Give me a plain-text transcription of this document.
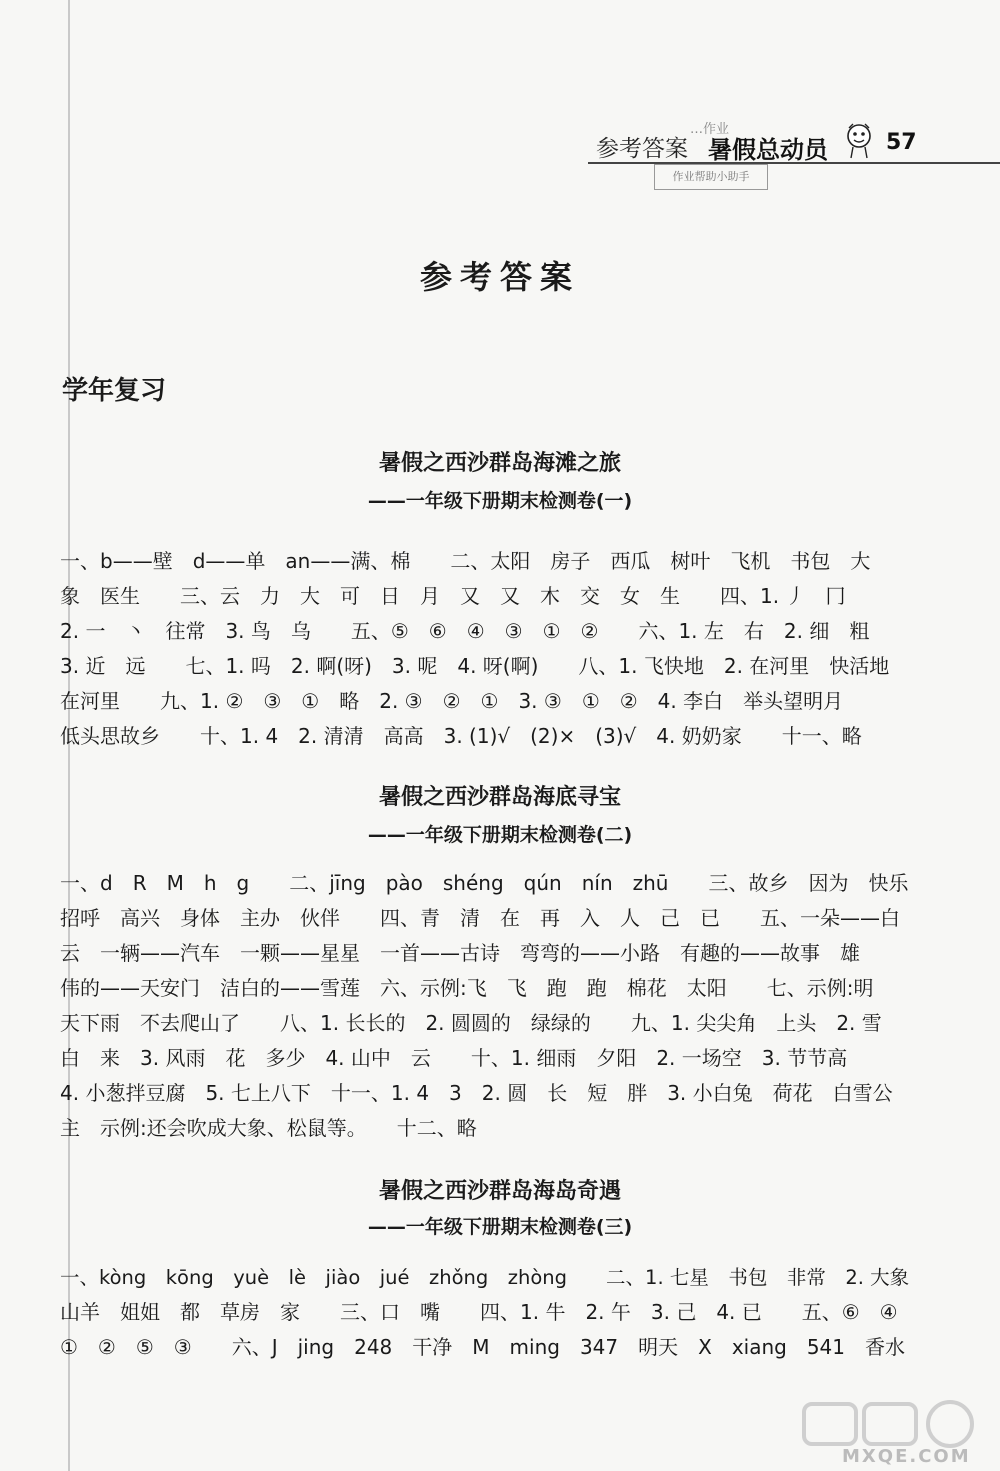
参考答案 暑假总动员	57
…作业
作业帮助小助手
参考答案
学年复习
暑假之西沙群岛海滩之旅
——一年级下册期末检测卷(一)
一、b——壁　d——单　an——满、棉　　二、太阳　房子　西瓜　树叶　飞机　书包　大
象　医生　　三、云　力　大　可　日　月　又　又　木　交　女　生　　四、1. 丿　冂
2. 一　丶　往常　3. 鸟　乌　　五、⑤　⑥　④　③　①　②　　六、1. 左　右　2. 细　粗
3. 近　远　　七、1. 吗　2. 啊(呀)　3. 呢　4. 呀(啊)　　八、1. 飞快地　2. 在河里　快活地
在河里　　九、1. ②　③　①　略　2. ③　②　①　3. ③　①　②　4. 李白　举头望明月
低头思故乡　　十、1. 4　2. 清清　高高　3. (1)√　(2)×　(3)√　4. 奶奶家　　十一、略
暑假之西沙群岛海底寻宝
——一年级下册期末检测卷(二)
一、d　R　M　h　g　　二、jīng　pào　shéng　qún　nín　zhū　　三、故乡　因为　快乐
招呼　高兴　身体　主办　伙伴　　四、青　清　在　再　入　人　己　已　　五、一朵——白
云　一辆——汽车　一颗——星星　一首——古诗　弯弯的——小路　有趣的——故事　雄
伟的——天安门　洁白的——雪莲　六、示例:飞　飞　跑　跑　棉花　太阳　　七、示例:明
天下雨　不去爬山了　　八、1. 长长的　2. 圆圆的　绿绿的　　九、1. 尖尖角　上头　2. 雪
白　来　3. 风雨　花　多少　4. 山中　云　　十、1. 细雨　夕阳　2. 一场空　3. 节节高
4. 小葱拌豆腐　5. 七上八下　十一、1. 4　3　2. 圆　长　短　胖　3. 小白兔　荷花　白雪公
主　示例:还会吹成大象、松鼠等。　　十二、略
暑假之西沙群岛海岛奇遇
——一年级下册期末检测卷(三)
一、kòng　kōng　yuè　lè　jiào　jué　zhǒng　zhòng　　二、1. 七星　书包　非常　2. 大象
山羊　姐姐　都　草房　家　　三、口　嘴　　四、1. 牛　2. 午　3. 己　4. 已　　五、⑥　④
①　②　⑤　③　　六、J　jing　248　干净　M　ming　347　明天　X　xiang　541　香水
MXQE.COM
